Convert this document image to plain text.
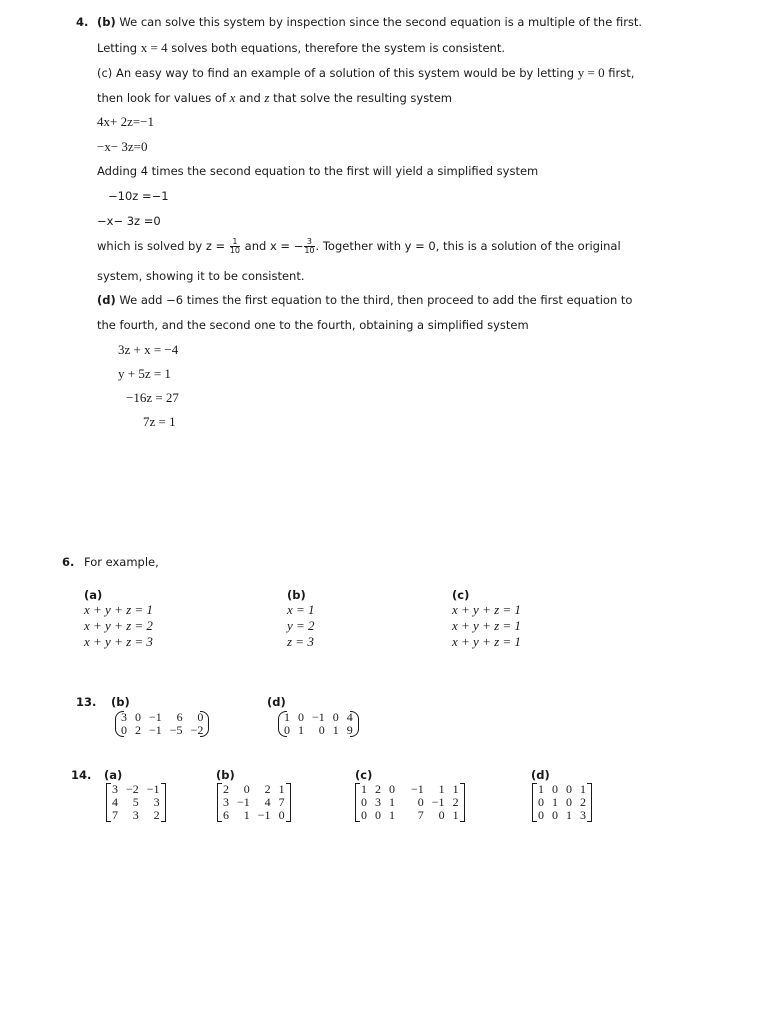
4. (b) We can solve this system by inspection since the second equation is a multiple of the first.
Letting x = 4 solves both equations, therefore the system is consistent.
(c) An easy way to find an example of a solution of this system would be by letting y = 0 first,
then look for values of x and z that solve the resulting system
4x+ 2z=−1
−x− 3z=0
Adding 4 times the second equation to the first will yield a simplified system
−10z =−1
−x− 3z =0
which is solved by $z = \frac{1}{10}$ and x = − $\frac{3}{10}$ . Together with y = 0, this is a solution of the original
system, showing it to be consistent.
(d) We add −6 times the first equation to the third, then proceed to add the first equation to
the fourth, and the second one to the fourth, obtaining a simplified system
3z + x = −4
y + 5z = 1
−16z = 27
7z = 1
6. For example,
(a)
x + y + z = 1
x + y + z = 2
x + y + z = 3
(b)
x = 1
y = 2
z = 3
(c)
x + y + z = 1
x + y + z = 1
x + y + z = 1
13. (b)
3	0	−1	6	0
0	2	−1	−5	−2
(d)
1	0	−1	0	4
0	1	0	1	9
14. (a)
3	−2	−1
4	5	3
7	3	2
(b)
2	0	2	1
3	−1	4	7
6	1	−1	0
(c)
1	2	0	−1	1	1
0	3	1	0	−1	2
0	0	1	7	0	1
(d)
1	0	0	1
0	1	0	2
0	0	1	3
